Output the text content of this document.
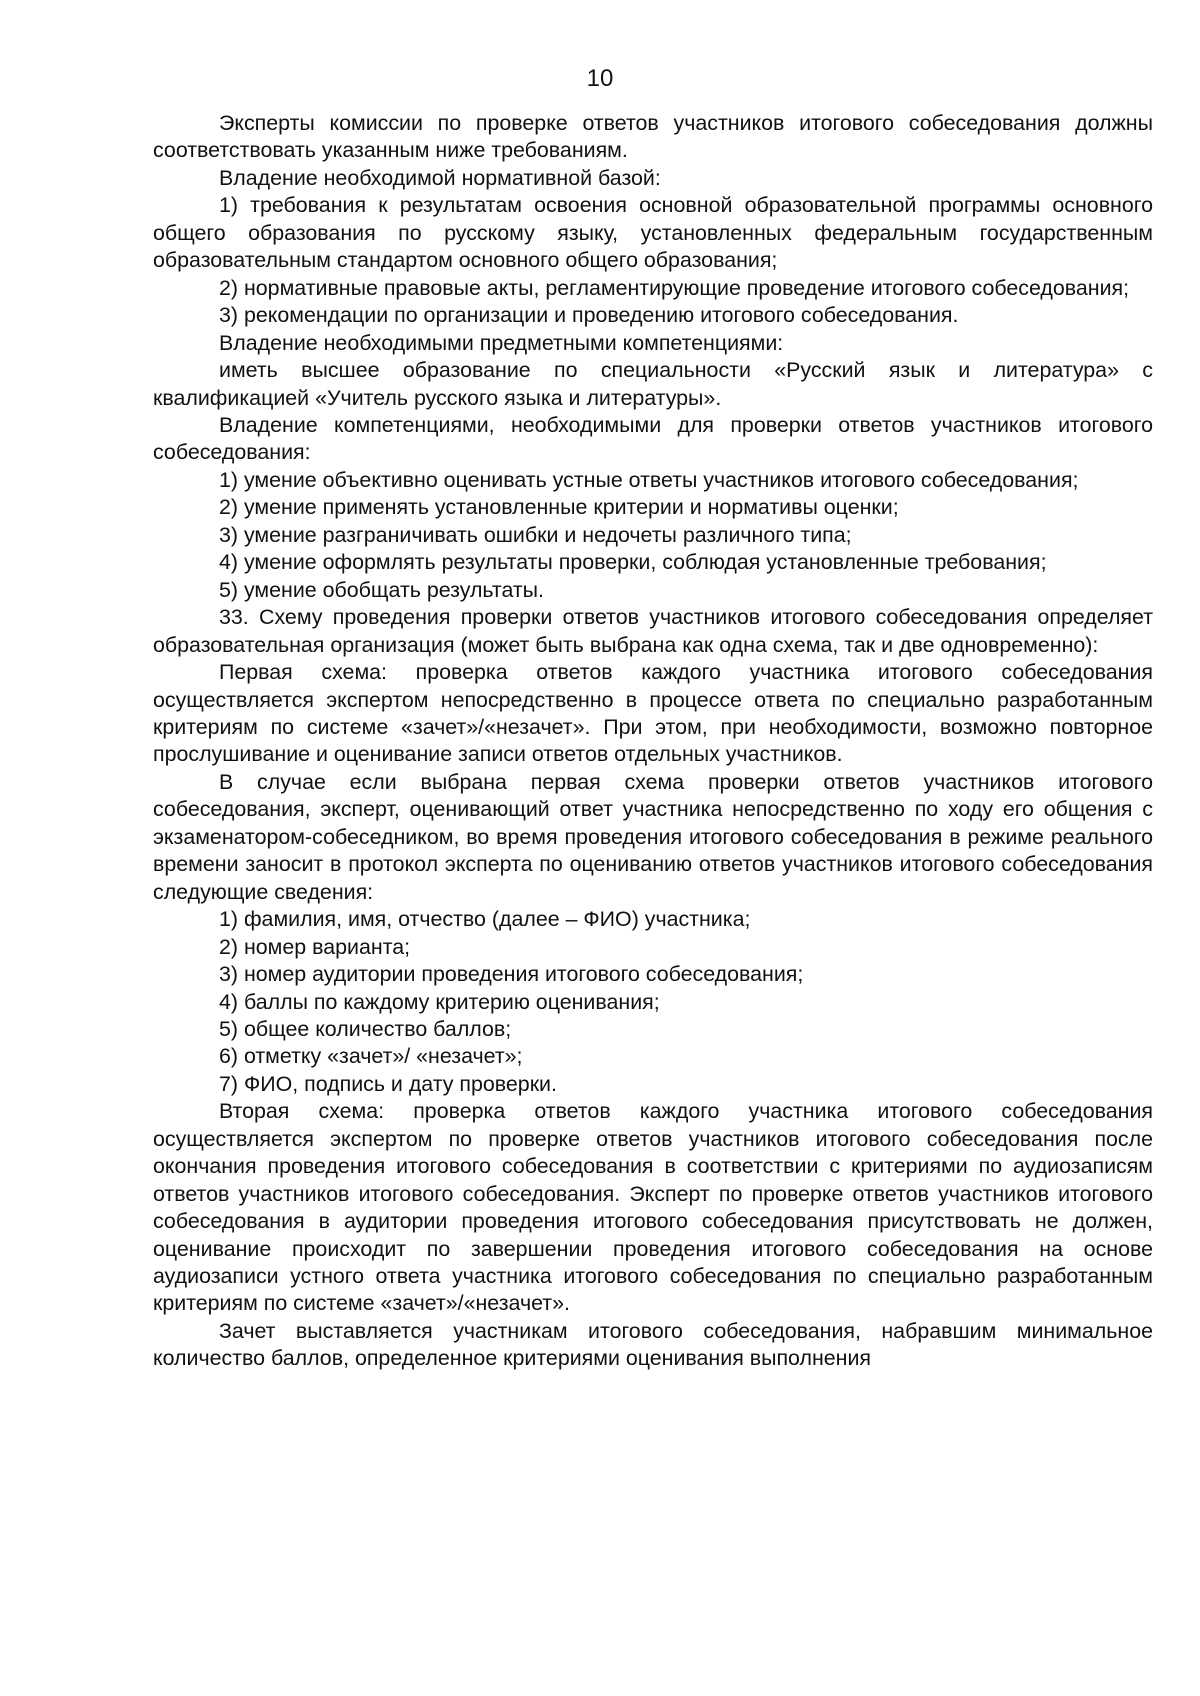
10

Эксперты комиссии по проверке ответов участников итогового собеседования должны соответствовать указанным ниже требованиям.

Владение необходимой нормативной базой:

1) требования к результатам освоения основной образовательной программы основного общего образования по русскому языку, установленных федеральным государственным образовательным стандартом основного общего образования;

2) нормативные правовые акты, регламентирующие проведение итогового собеседования;

3) рекомендации по организации и проведению итогового собеседования.

Владение необходимыми предметными компетенциями:

иметь высшее образование по специальности «Русский язык и литература» с квалификацией «Учитель русского языка и литературы».

Владение компетенциями, необходимыми для проверки ответов участников итогового собеседования:

1) умение объективно оценивать устные ответы участников итогового собеседования;

2) умение применять установленные критерии и нормативы оценки;

3) умение разграничивать ошибки и недочеты различного типа;

4) умение оформлять результаты проверки, соблюдая установленные требования;

5) умение обобщать результаты.

33. Схему проведения проверки ответов участников итогового собеседования определяет образовательная организация (может быть выбрана как одна схема, так и две одновременно):

Первая схема: проверка ответов каждого участника итогового собеседования осуществляется экспертом непосредственно в процессе ответа по специально разработанным критериям по системе «зачет»/«незачет». При этом, при необходимости, возможно повторное прослушивание и оценивание записи ответов отдельных участников.

В случае если выбрана первая схема проверки ответов участников итогового собеседования, эксперт, оценивающий ответ участника непосредственно по ходу его общения с экзаменатором-собеседником, во время проведения итогового собеседования в режиме реального времени заносит в протокол эксперта по оцениванию ответов участников итогового собеседования следующие сведения:

1) фамилия, имя, отчество (далее – ФИО) участника;

2) номер варианта;

3) номер аудитории проведения итогового собеседования;

4) баллы по каждому критерию оценивания;

5) общее количество баллов;

6) отметку «зачет»/ «незачет»;

7) ФИО, подпись и дату проверки.

Вторая схема: проверка ответов каждого участника итогового собеседования осуществляется экспертом по проверке ответов участников итогового собеседования после окончания проведения итогового собеседования в соответствии с критериями по аудиозаписям ответов участников итогового собеседования. Эксперт по проверке ответов участников итогового собеседования в аудитории проведения итогового собеседования присутствовать не должен, оценивание происходит по завершении проведения итогового собеседования на основе аудиозаписи устного ответа участника итогового собеседования по специально разработанным критериям по системе «зачет»/«незачет».

Зачет выставляется участникам итогового собеседования, набравшим минимальное количество баллов, определенное критериями оценивания выполнения
